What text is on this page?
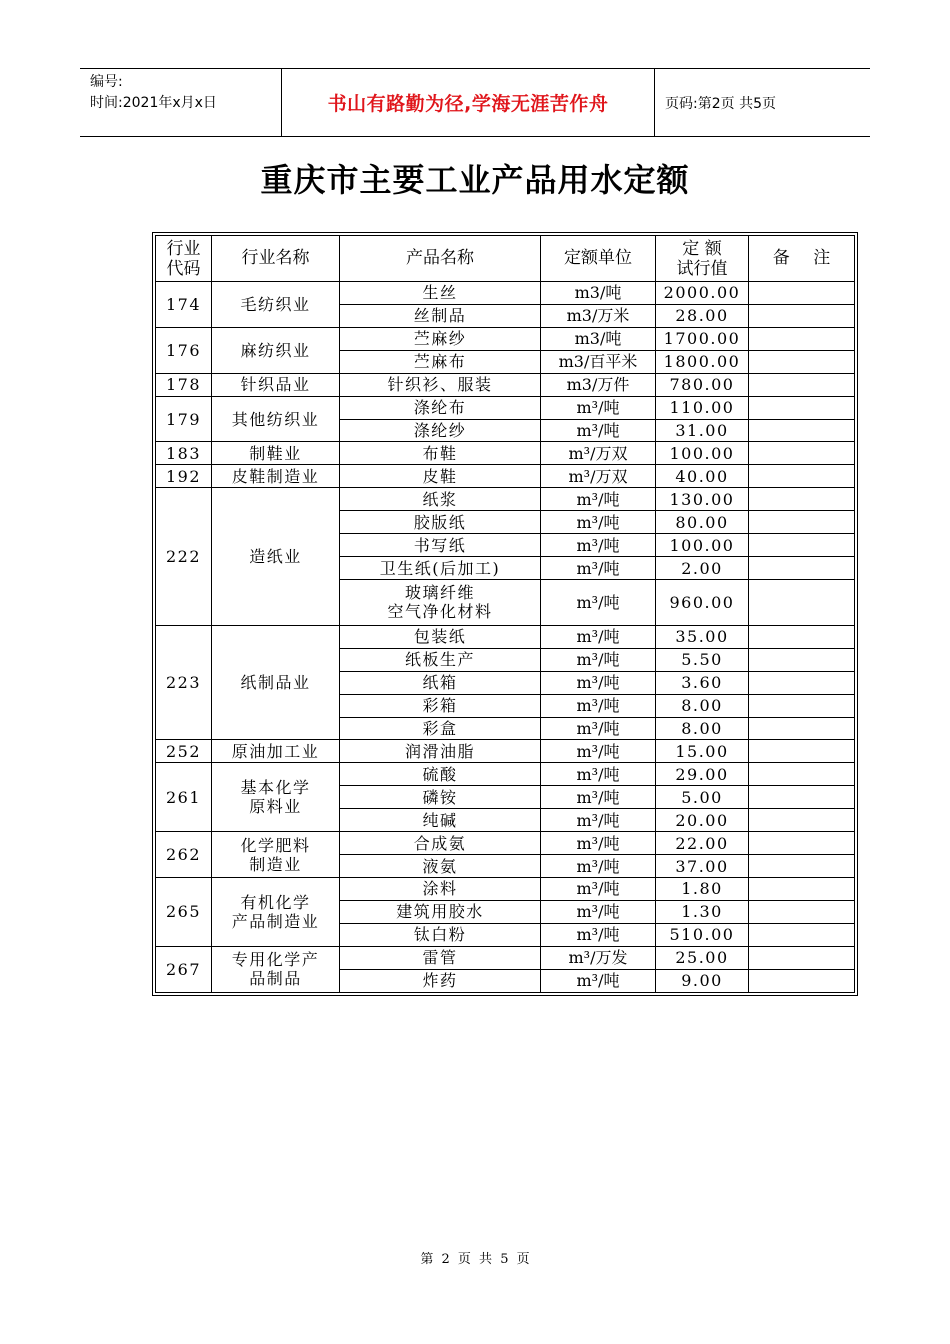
编号:
时间:2021年x月x日	书山有路勤为径,学海无涯苦作舟	页码:第2页 共5页
重庆市主要工业产品用水定额
行业代码	行业名称	产品名称	定额单位	定 额 试行值	备 注
174	毛纺织业	生丝	m3/吨	2000.00	
		丝制品	m3/万米	28.00	
176	麻纺织业	苎麻纱	m3/吨	1700.00	
		苎麻布	m3/百平米	1800.00	
178	针织品业	针织衫、服装	m3/万件	780.00	
179	其他纺织业	涤纶布	m³/吨	110.00	
		涤纶纱	m³/吨	31.00	
183	制鞋业	布鞋	m³/万双	100.00	
192	皮鞋制造业	皮鞋	m³/万双	40.00	
222	造纸业	纸浆	m³/吨	130.00	
		胶版纸	m³/吨	80.00	
		书写纸	m³/吨	100.00	
		卫生纸(后加工)	m³/吨	2.00	
		玻璃纤维
空气净化材料	m³/吨	960.00	
223	纸制品业	包装纸	m³/吨	35.00	
		纸板生产	m³/吨	5.50	
		纸箱	m³/吨	3.60	
		彩箱	m³/吨	8.00	
		彩盒	m³/吨	8.00	
252	原油加工业	润滑油脂	m³/吨	15.00	
261	基本化学
原料业	硫酸	m³/吨	29.00	
		磷铵	m³/吨	5.00	
		纯碱	m³/吨	20.00	
262	化学肥料
制造业	合成氨	m³/吨	22.00	
		液氨	m³/吨	37.00	
265	有机化学
产品制造业	涂料	m³/吨	1.80	
		建筑用胶水	m³/吨	1.30	
		钛白粉	m³/吨	510.00	
267	专用化学产
品制品	雷管	m³/万发	25.00	
		炸药	m³/吨	9.00	
第 2 页 共 5 页
